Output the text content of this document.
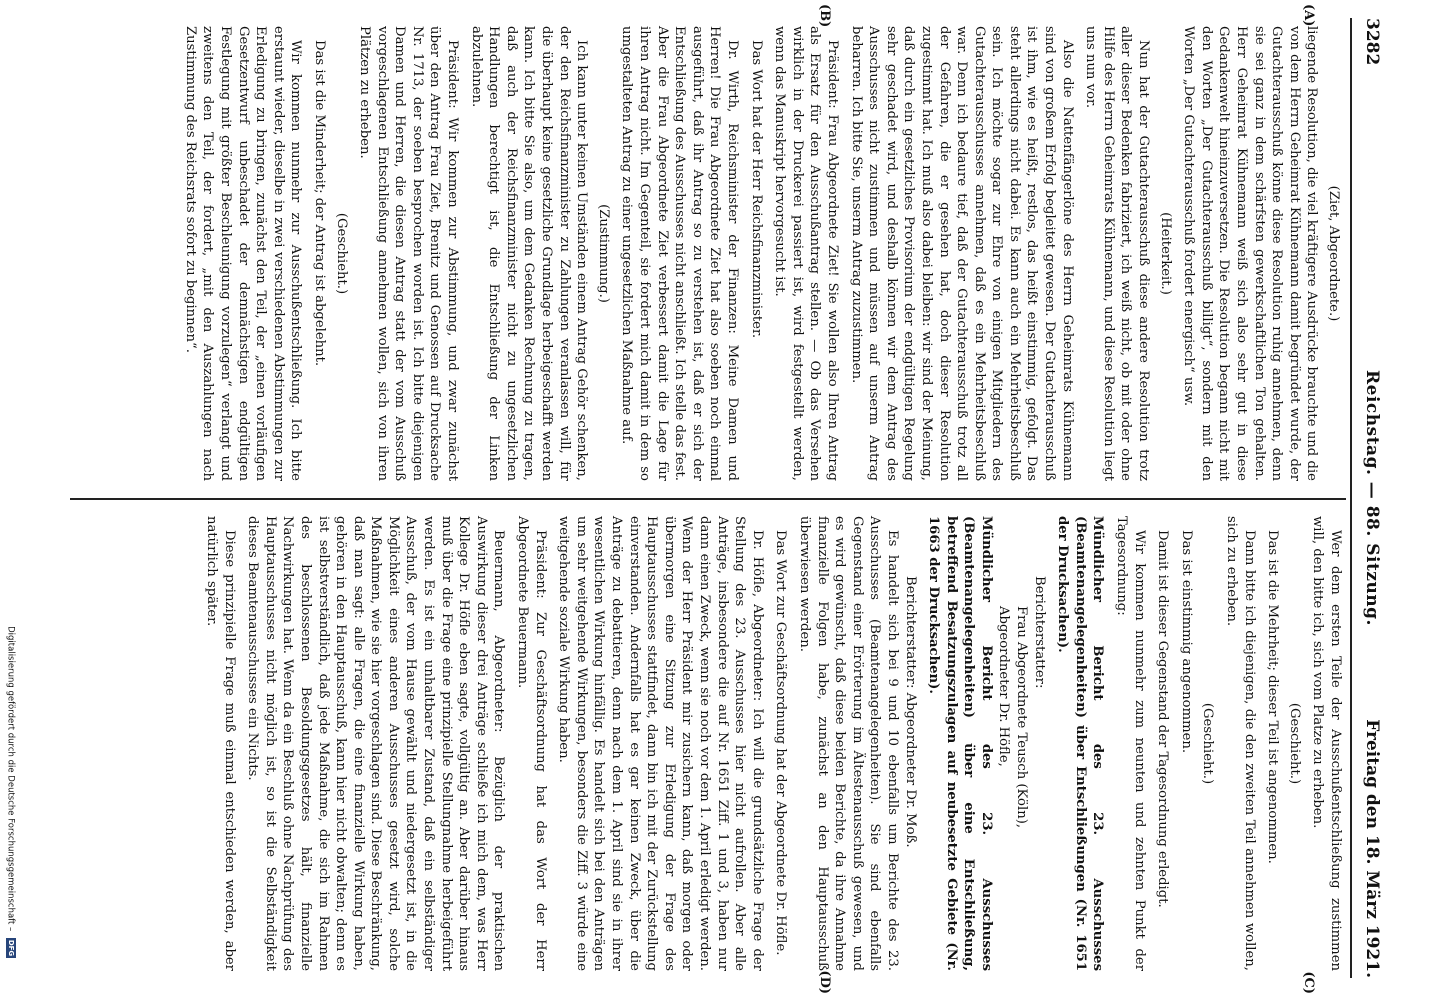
3282
Reichstag. — 88. Sitzung.
Freitag den 18. März 1921.
(A)
(B)
(C)
(D)

(Ziet, Abgeordnete.)

liegende Resolution, die viel kräftigere Ausdrücke brauchte und die von dem Herrn Geheimrat Kühnemann damit begründet wurde, der Gutachterausschuß könne diese Resolution ruhig annehmen, denn sie sei ganz in dem schärfsten gewerkschaftlichen Ton gehalten. Herr Geheimrat Kühnemann weiß sich also sehr gut in diese Gedankenwelt hineinzuversetzen. Die Resolution begann nicht mit den Worten „Der Gutachterausschuß billigt“, sondern mit den Worten „Der Gutachterausschuß fordert energisch“ usw.

(Heiterkeit.)

Nun hat der Gutachterausschuß diese andere Resolution trotz aller dieser Bedenken fabriziert, ich weiß nicht, ob mit oder ohne Hilfe des Herrn Geheimrats Kühnemann, und diese Resolution liegt uns nun vor.

Also die Nattenfängerlöne des Herrn Geheimrats Kühnemann sind von großem Erfolg begleitet gewesen. Der Gutachterausschuß ist ihm, wie es heißt, restlos, das heißt einstimmig, gefolgt. Das steht allerdings nicht dabei. Es kann auch ein Mehrheitsbeschluß sein. Ich möchte sogar zur Ehre von einigen Mitgliedern des Gutachterausschusses annehmen, daß es ein Mehrheitsbeschluß war. Denn ich bedaure tief, daß der Gutachterausschuß trotz all der Gefahren, die er gesehen hat, doch dieser Resolution zugestimmt hat. Ich muß also dabei bleiben: wir sind der Meinung, daß durch ein gesetzliches Provisorium der endgültigen Regelung sehr geschadet wird, und deshalb können wir dem Antrag des Ausschusses nicht zustimmen und müssen auf unserm Antrag beharren. Ich bitte Sie, unserm Antrag zuzustimmen.

Präsident: Frau Abgeordnete Ziet! Sie wollen also Ihren Antrag als Ersatz für den Ausschußantrag stellen. — Ob das Versehen wirklich in der Druckerei passiert ist, wird festgestellt werden, wenn das Manuskript hervorgesucht ist.

Das Wort hat der Herr Reichsfinanzminister.

Dr. Wirth, Reichsminister der Finanzen: Meine Damen und Herren! Die Frau Abgeordnete Ziet hat also soeben noch einmal ausgeführt, daß ihr Antrag so zu verstehen ist, daß er sich der Entschließung des Ausschusses nicht anschließt. Ich stelle das fest. Aber die Frau Abgeordnete Ziet verbessert damit die Lage für ihren Antrag nicht. Im Gegenteil, sie fordert mich damit in dem so umgestalteten Antrag zu einer ungesetzlichen Maßnahme auf.

(Zustimmung.)

Ich kann unter keinen Umständen einem Antrag Gehör schenken, der den Reichsfinanzminister zu Zahlungen veranlassen will, für die überhaupt keine gesetzliche Grundlage herbeigeschafft werden kann. Ich bitte Sie also, um dem Gedanken Rechnung zu tragen, daß auch der Reichsfinanzminister nicht zu ungesetzlichen Handlungen berechtigt ist, die Entschließung der Linken abzulehnen.

Präsident: Wir kommen zur Abstimmung, und zwar zunächst über den Antrag Frau Ziet, Brenitz und Genossen auf Drucksache Nr. 1713, der soeben besprochen worden ist. Ich bitte diejenigen Damen und Herren, die diesen Antrag statt der vom Ausschuß vorgeschlagenen Entschließung annehmen wollen, sich von ihren Plätzen zu erheben.

(Geschieht.)

Das ist die Minderheit; der Antrag ist abgelehnt.

Wir kommen nunmehr zur Ausschußentschließung. Ich bitte erstaunt wieder, dieselbe in zwei verschiedenen Abstimmungen zur Erledigung zu bringen, zunächst den Teil, der „einen vorläufigen Gesetzentwurf unbeschadet der demnächstigen endgültigen Festlegung mit größter Beschleunigung vorzulegen“ verlangt und zweitens den Teil, der fordert, „mit den Auszahlungen nach Zustimmung des Reichsrats sofort zu beginnen“.

Wer dem ersten Teile der Ausschußentschließung zustimmen will, den bitte ich, sich vom Platze zu erheben.

(Geschieht.)

Das ist die Mehrheit; dieser Teil ist angenommen.

Dann bitte ich diejenigen, die den zweiten Teil annehmen wollen, sich zu erheben.

(Geschieht.)

Das ist einstimmig angenommen.

Damit ist dieser Gegenstand der Tagesordnung erledigt.

Wir kommen nunmehr zum neunten und zehnten Punkt der Tagesordnung:

Mündlicher Bericht des 23. Ausschusses (Beamtenangelegenheiten) über Entschließungen (Nr. 1651 der Drucksachen).

Berichterstatter:

Frau Abgeordnete Teusch (Köln),

Abgeordneter Dr. Höfle,

Mündlicher Bericht des 23. Ausschusses (Beamtenangelegenheiten) über eine Entschließung, betreffend Besatzungszulagen auf neubesetzte Gebiete (Nr. 1663 der Drucksachen).

Berichterstatter: Abgeordneter Dr. Moß.

Es handelt sich bei 9 und 10 ebenfalls um Berichte des 23. Ausschusses (Beamtenangelegenheiten). Sie sind ebenfalls Gegenstand einer Erörterung im Ältestenausschuß gewesen, und es wird gewünscht, daß diese beiden Berichte, da ihre Annahme finanzielle Folgen habe, zunächst an den Hauptausschuß überwiesen werden.

Das Wort zur Geschäftsordnung hat der Abgeordnete Dr. Höfle.

Dr. Höfle, Abgeordneter: Ich will die grundsätzliche Frage der Stellung des 23. Ausschusses hier nicht aufrollen. Aber alle Anträge, insbesondere die auf Nr. 1651 Ziff. 1 und 3, haben nur dann einen Zweck, wenn sie noch vor dem 1. April erledigt werden. Wenn der Herr Präsident mir zusichern kann, daß morgen oder übermorgen eine Sitzung zur Erledigung der Frage des Hauptausschusses stattfindet, dann bin ich mit der Zurückstellung einverstanden. Andernfalls hat es gar keinen Zweck, über die Anträge zu debattieren, denn nach dem 1. April sind sie in ihrer wesentlichen Wirkung hinfällig. Es handelt sich bei den Anträgen um sehr weitgehende Wirkungen, besonders die Ziff. 3 würde eine weitgehende soziale Wirkung haben.

Präsident: Zur Geschäftsordnung hat das Wort der Herr Abgeordnete Beuermann.

Beuermann, Abgeordneter: Bezüglich der praktischen Auswirkung dieser drei Anträge schließe ich mich dem, was Herr Kollege Dr. Höfle eben sagte, vollgültig an. Aber darüber hinaus muß über die Frage eine prinzipielle Stellungnahme herbeigeführt werden. Es ist ein unhaltbarer Zustand, daß ein selbständiger Ausschuß, der vom Hause gewählt und niedergesetzt ist, in die Möglichkeit eines anderen Ausschusses gesetzt wird, solche Maßnahmen, wie sie hier vorgeschlagen sind. Diese Beschränkung, daß man sagt: alle Fragen, die eine finanzielle Wirkung haben, gehören in den Hauptausschuß, kann hier nicht obwalten; denn es ist selbstverständlich, daß jede Maßnahme, die sich im Rahmen des beschlossenen Besoldungsgesetzes hält, finanzielle Nachwirkungen hat. Wenn da ein Beschluß ohne Nachprüfung des Hauptausschusses nicht möglich ist, so ist die Selbständigkeit dieses Beamtenausschusses ein Nichts.

Diese prinzipielle Frage muß einmal entschieden werden, aber natürlich später.

Digitalisierung gefördert durch die Deutsche Forschungsgemeinschaft – DFG
